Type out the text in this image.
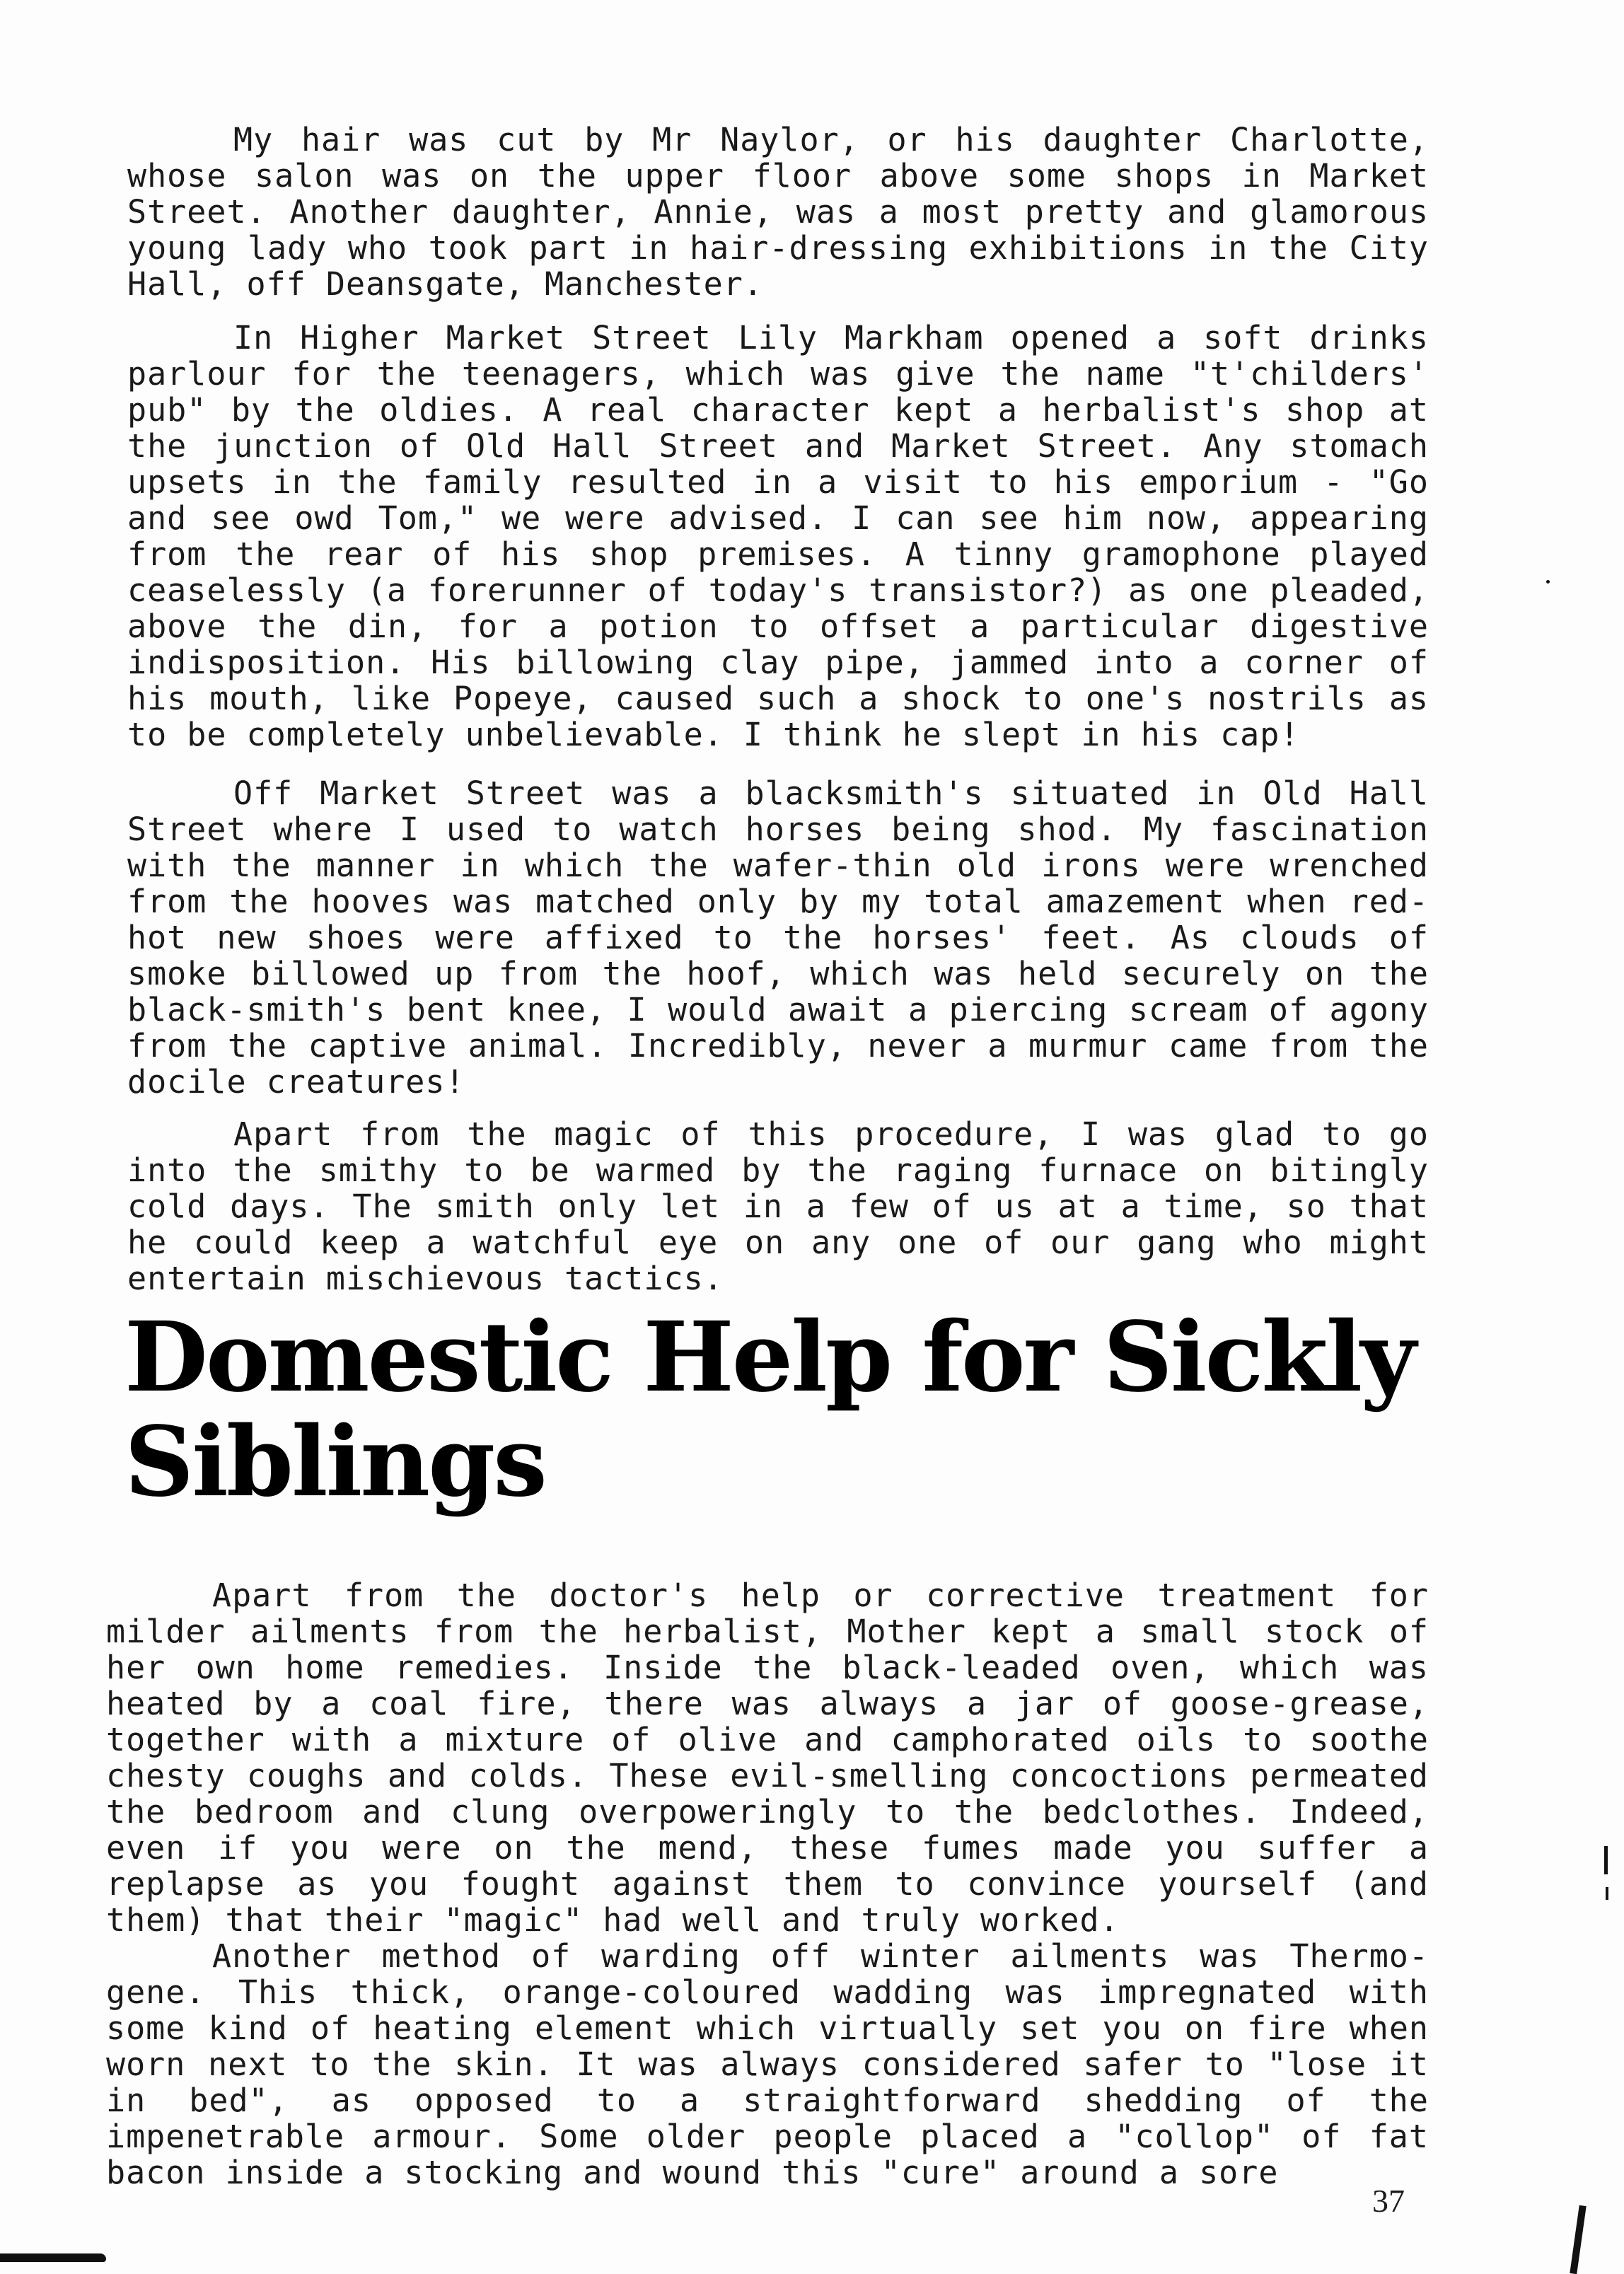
My hair was cut by Mr Naylor, or his daughter Charlotte, whose salon was on the upper floor above some shops in Market Street. Another daughter, Annie, was a most pretty and glamorous young lady who took part in hair-dressing exhibitions in the City Hall, off Deansgate, Manchester.

In Higher Market Street Lily Markham opened a soft drinks parlour for the teenagers, which was give the name "t'childers' pub" by the oldies. A real character kept a herbalist's shop at the junction of Old Hall Street and Market Street. Any stomach upsets in the family resulted in a visit to his emporium - "Go and see owd Tom," we were advised. I can see him now, appearing from the rear of his shop premises. A tinny gramophone played ceaselessly (a forerunner of today's transistor?) as one pleaded, above the din, for a potion to offset a particular digestive indisposition. His billowing clay pipe, jammed into a corner of his mouth, like Popeye, caused such a shock to one's nostrils as to be completely unbelievable. I think he slept in his cap!

Off Market Street was a blacksmith's situated in Old Hall Street where I used to watch horses being shod. My fascination with the manner in which the wafer-thin old irons were wrenched from the hooves was matched only by my total amazement when red-hot new shoes were affixed to the horses' feet. As clouds of smoke billowed up from the hoof, which was held securely on the black-smith's bent knee, I would await a piercing scream of agony from the captive animal. Incredibly, never a murmur came from the docile creatures!

Apart from the magic of this procedure, I was glad to go into the smithy to be warmed by the raging furnace on bitingly cold days. The smith only let in a few of us at a time, so that he could keep a watchful eye on any one of our gang who might entertain mischievous tactics.

Domestic Help for Sickly Siblings

Apart from the doctor's help or corrective treatment for milder ailments from the herbalist, Mother kept a small stock of her own home remedies. Inside the black-leaded oven, which was heated by a coal fire, there was always a jar of goose-grease, together with a mixture of olive and camphorated oils to soothe chesty coughs and colds. These evil-smelling concoctions permeated the bedroom and clung overpoweringly to the bedclothes. Indeed, even if you were on the mend, these fumes made you suffer a replapse as you fought against them to convince yourself (and them) that their "magic" had well and truly worked.

Another method of warding off winter ailments was Thermo-gene. This thick, orange-coloured wadding was impregnated with some kind of heating element which virtually set you on fire when worn next to the skin. It was always considered safer to "lose it in bed", as opposed to a straightforward shedding of the impenetrable armour. Some older people placed a "collop" of fat bacon inside a stocking and wound this "cure" around a sore

37
